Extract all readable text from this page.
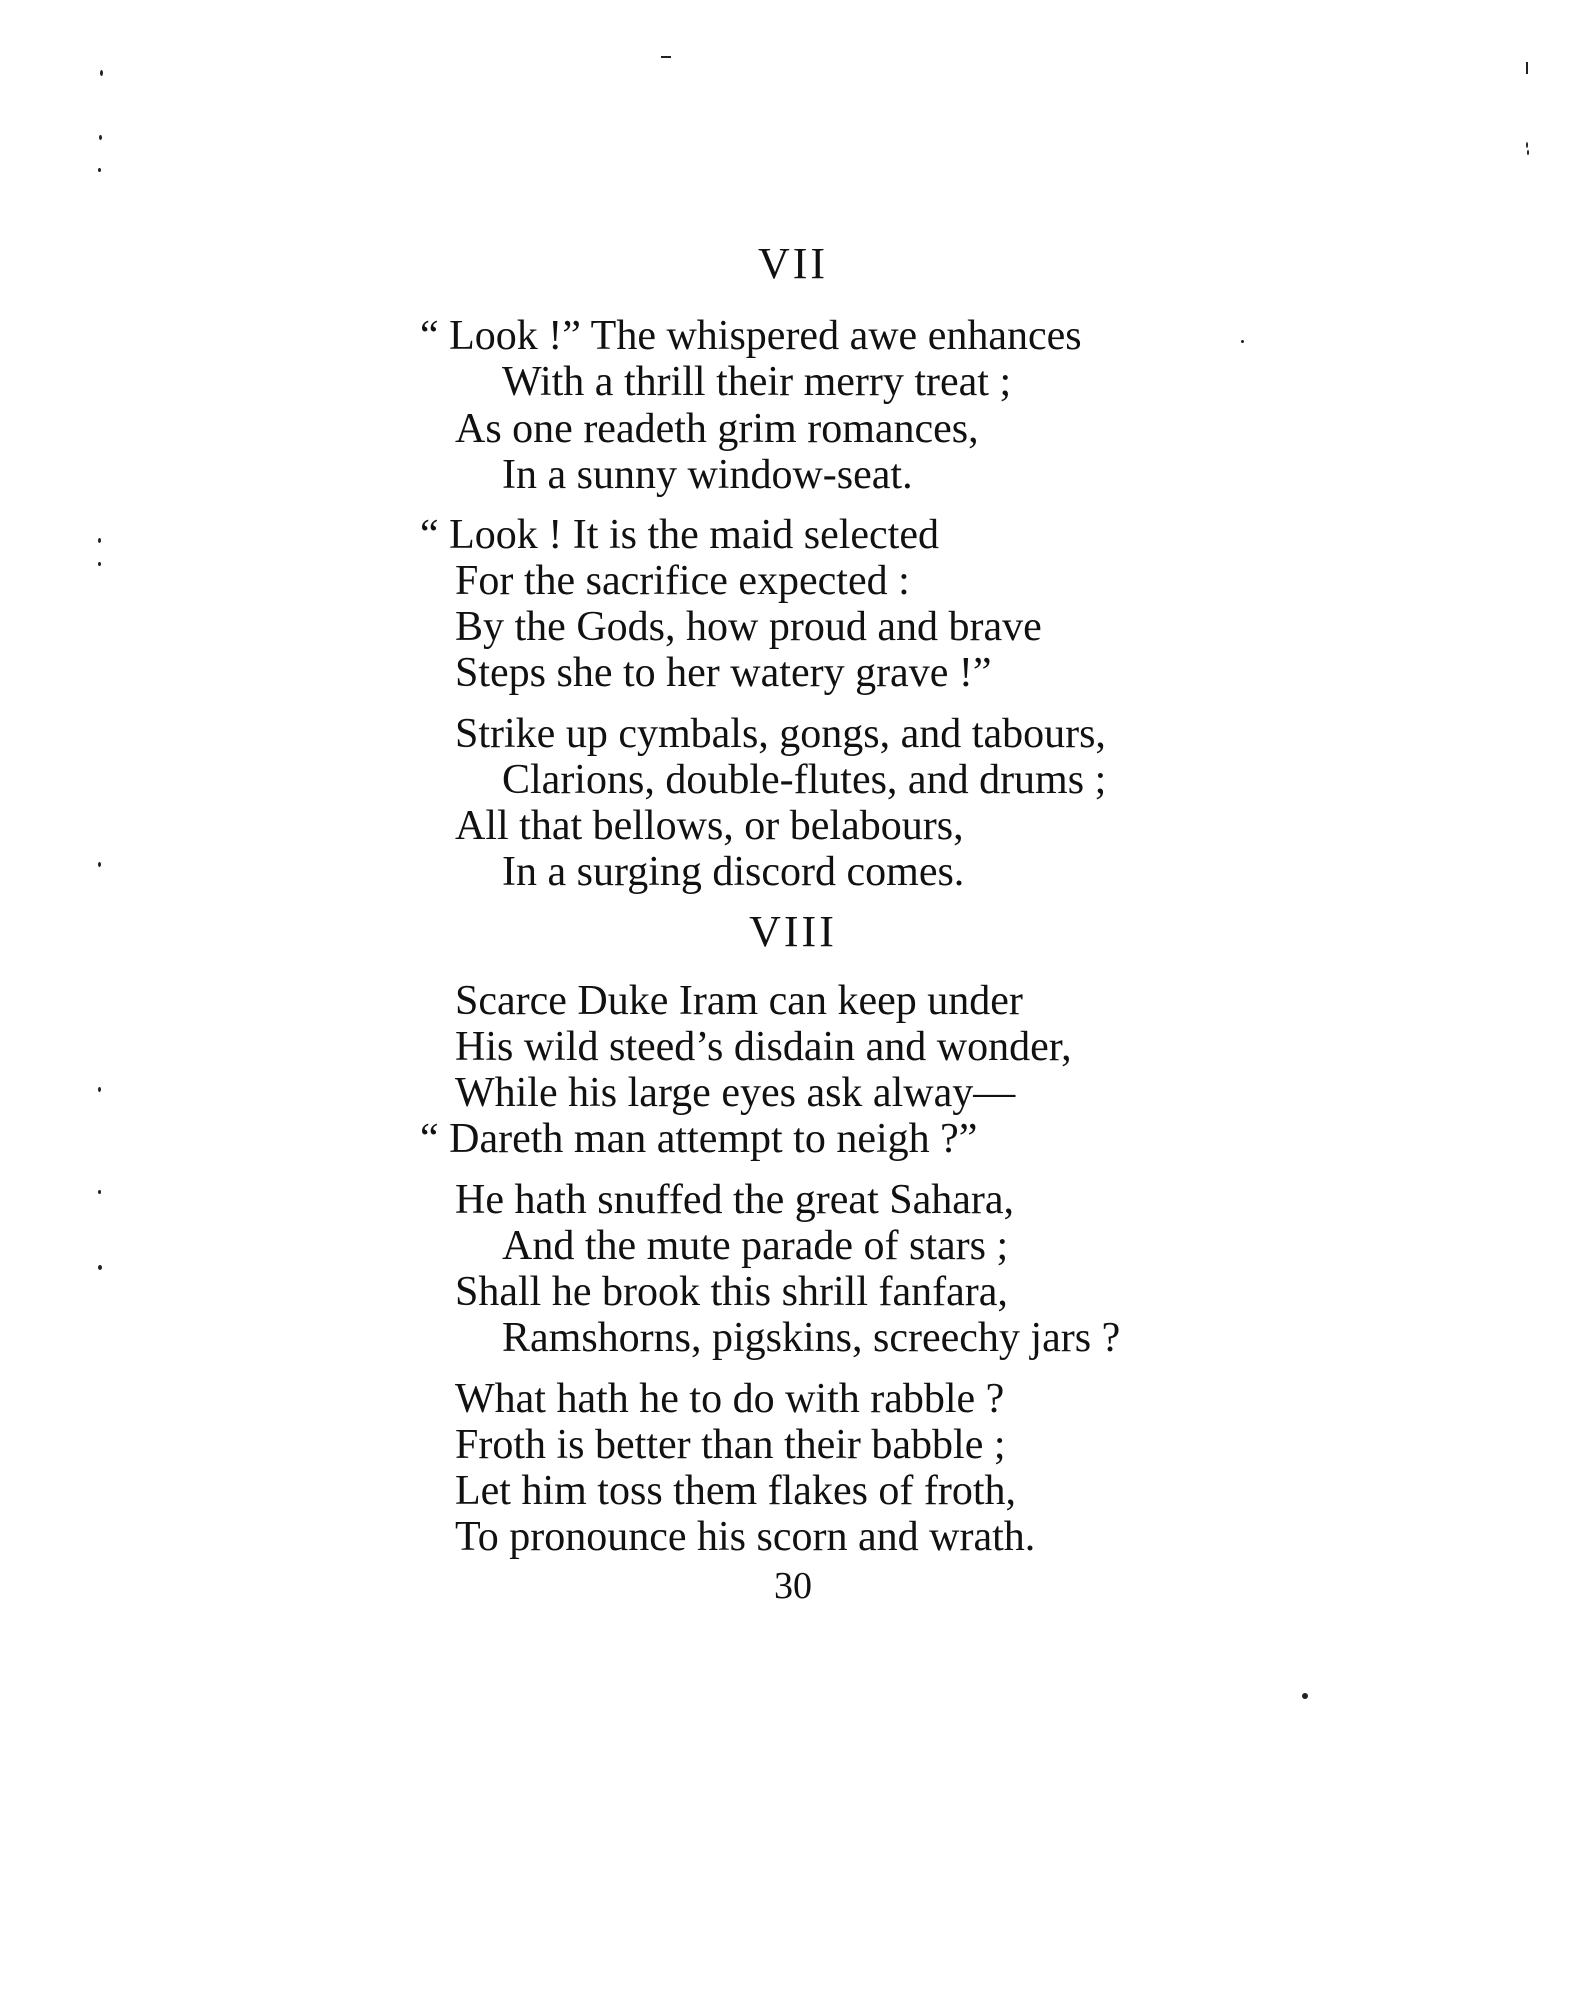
VII
“ Look !” The whispered awe enhances
With a thrill their merry treat ;
As one readeth grim romances,
In a sunny window-seat.
“ Look ! It is the maid selected
For the sacrifice expected :
By the Gods, how proud and brave
Steps she to her watery grave !”
Strike up cymbals, gongs, and tabours,
Clarions, double-flutes, and drums ;
All that bellows, or belabours,
In a surging discord comes.
VIII
Scarce Duke Iram can keep under
His wild steed’s disdain and wonder,
While his large eyes ask alway—
“ Dareth man attempt to neigh ?”
He hath snuffed the great Sahara,
And the mute parade of stars ;
Shall he brook this shrill fanfara,
Ramshorns, pigskins, screechy jars ?
What hath he to do with rabble ?
Froth is better than their babble ;
Let him toss them flakes of froth,
To pronounce his scorn and wrath.
30
